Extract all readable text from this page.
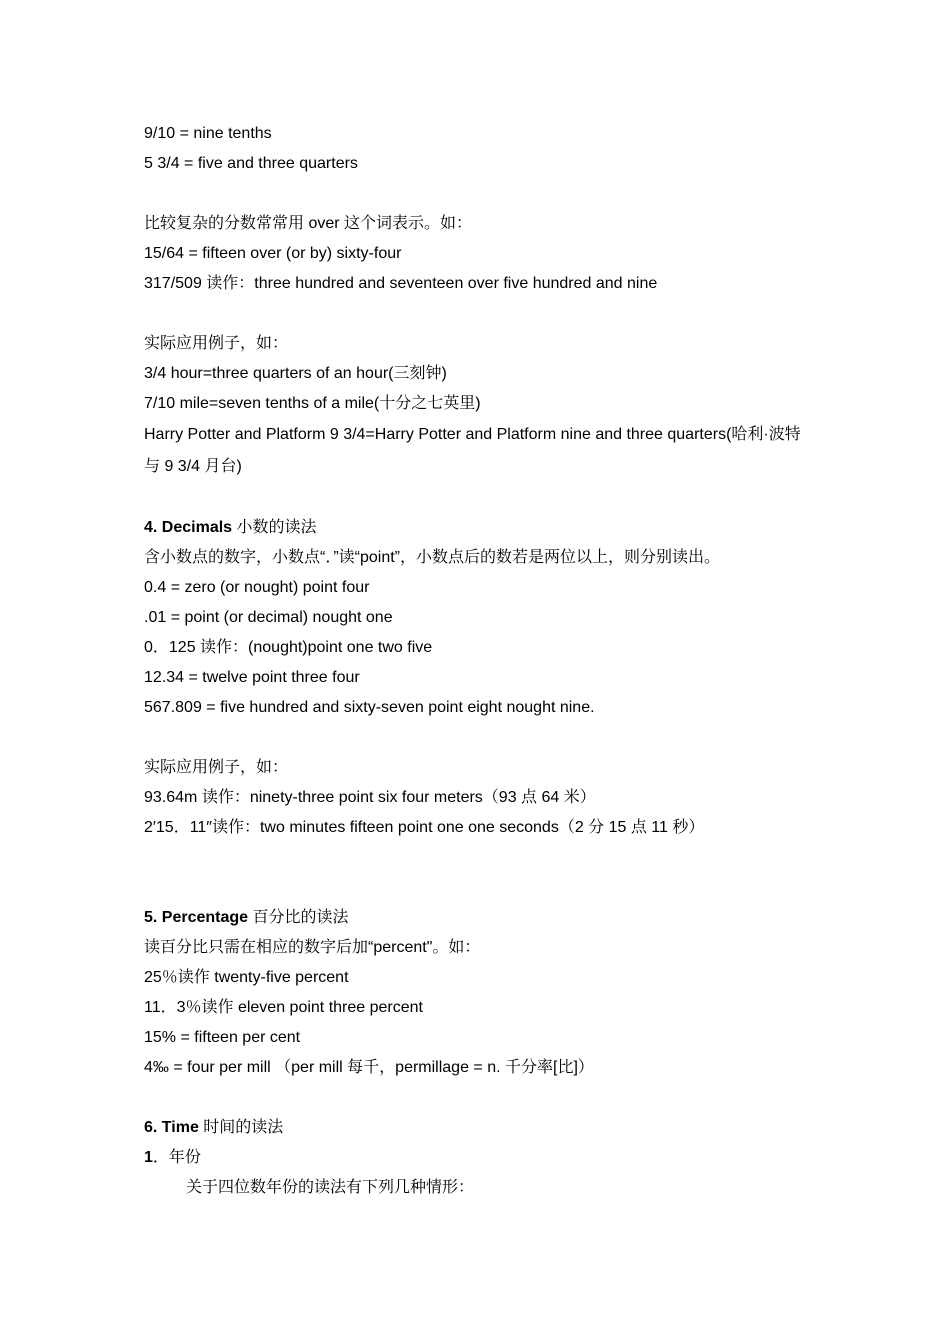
9/10 = nine tenths
5 3/4 = five and three quarters
比较复杂的分数常常用 over 这个词表示。如：
15/64 = fifteen over (or by) sixty-four
317/509 读作：three hundred and seventeen over five hundred and nine
实际应用例子，如：
3/4 hour=three quarters of an hour(三刻钟)
7/10 mile=seven tenths of a mile(十分之七英里)
Harry Potter and Platform 9 3/4=Harry Potter and Platform nine and three quarters(哈利·波特与 9 3/4 月台)
4. Decimals 小数的读法
含小数点的数字，小数点“．”读“point”，小数点后的数若是两位以上，则分别读出。
0.4 = zero (or nought) point four
.01 = point (or decimal) nought one
0．125 读作：(nought)point one two five
12.34 = twelve point three four
567.809 = five hundred and sixty-seven point eight nought nine.
实际应用例子，如：
93.64m 读作：ninety-three point six four meters（93 点 64 米）
2′15．11″读作：two minutes fifteen point one one seconds（2 分 15 点 11 秒）
5. Percentage 百分比的读法
读百分比只需在相应的数字后加“percent"。如：
25％读作 twenty-five percent
11．3％读作 eleven point three percent
15% = fifteen per cent
4‰ = four per mill （per mill 每千，permillage = n. 千分率[比]）
6. Time 时间的读法
1．年份
关于四位数年份的读法有下列几种情形：
